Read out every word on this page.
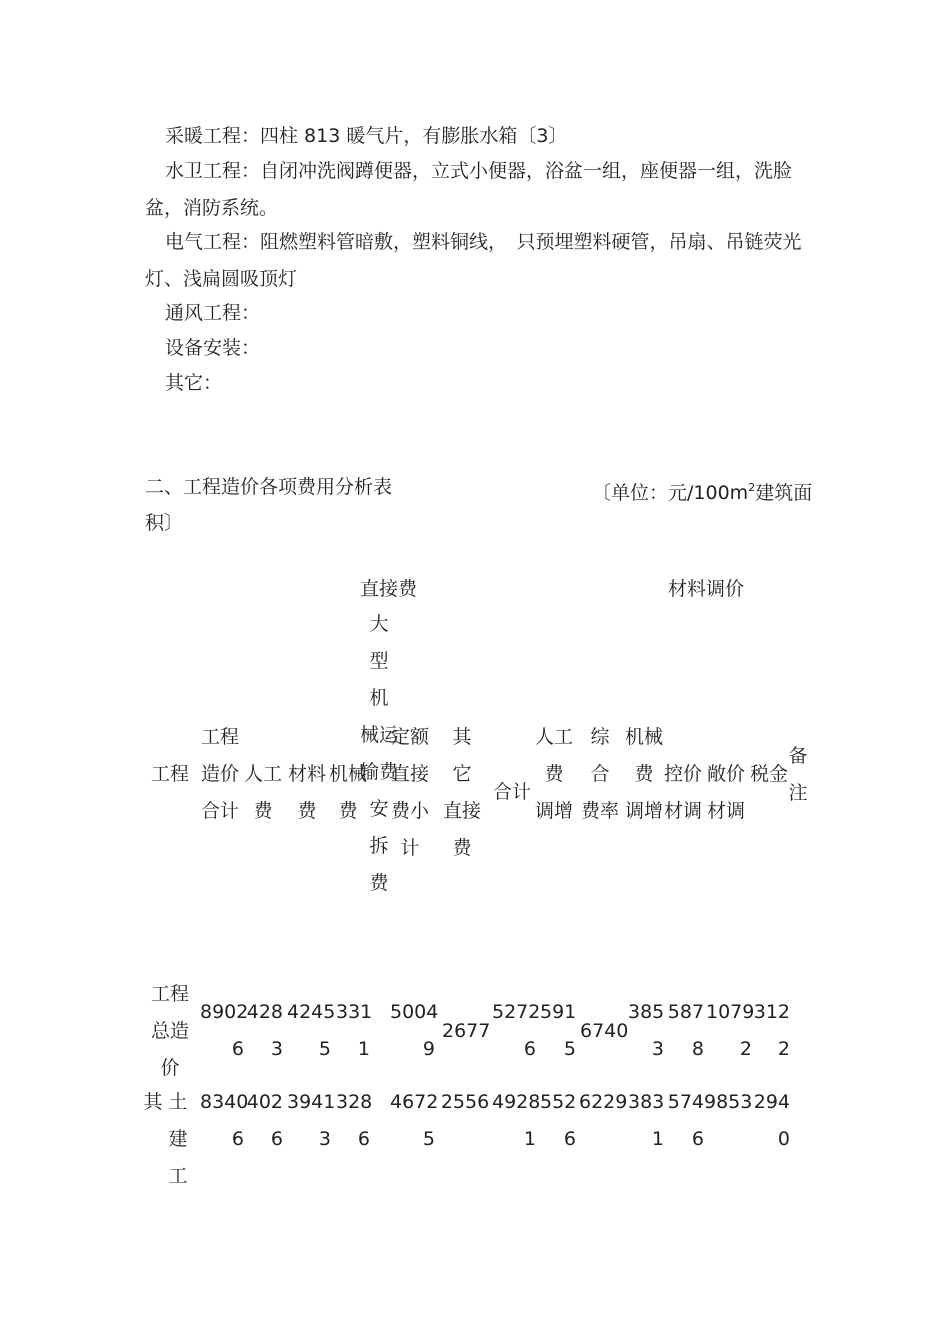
采暖工程：四柱 813 暖气片，有膨胀水箱〔3〕

水卫工程：自闭冲洗阀蹲便器，立式小便器，浴盆一组，座便器一组，洗脸盆，消防系统。

电气工程：阻燃塑料管暗敷，塑料铜线，　只预埋塑料硬管，吊扇、吊链荧光灯、浅扁圆吸顶灯

通风工程：

设备安装：

其它：

二、工程造价各项费用分析表	〔单位：元$/100m^2$建筑面
积〕
直接费	材料调价
工程
工程
造价
合计
人工
费
材料
费
机械
费
大
型
机
械运
输费
安
拆
费
定额
直接
费小
计
其
它
直接
费
合计
人工
费
调增
综
合
费率
机械
费
调增
控价
材调
敞价
材调
税金
备
注
工程
总造
价
8902
6
428
3
4245
5
331
1
5004
9
2677
5272
6
591
5
6740
385
3
587
8
1079
2
312
2
其 土
建
工
8340
6
402
6
3941
3
328
6
4672
5
2556 4928
1
552
6
6229 383
1
574
6
9853 294
0
